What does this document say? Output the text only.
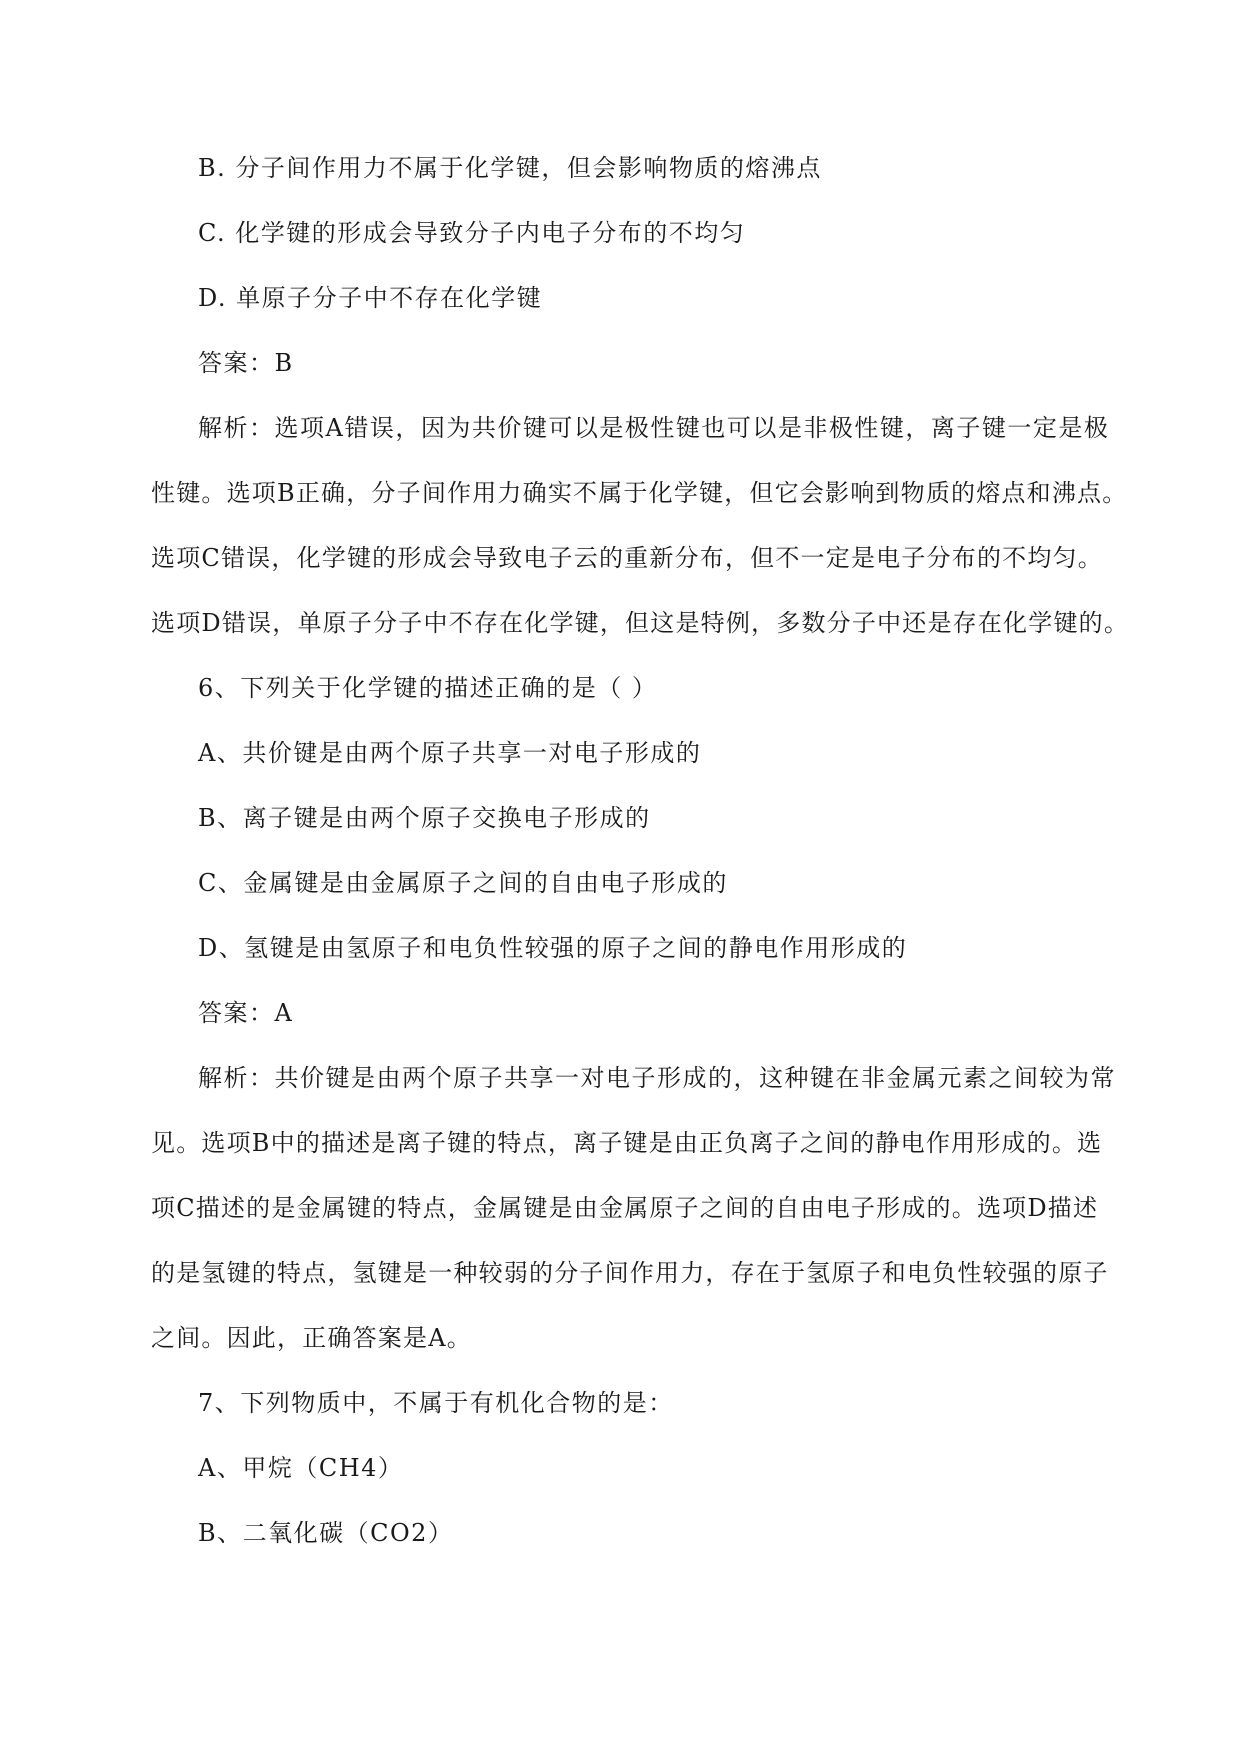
B. 分子间作用力不属于化学键，但会影响物质的熔沸点
C. 化学键的形成会导致分子内电子分布的不均匀
D. 单原子分子中不存在化学键
答案：B
解析：选项A错误，因为共价键可以是极性键也可以是非极性键，离子键一定是极
性键。选项B正确，分子间作用力确实不属于化学键，但它会影响到物质的熔点和沸点。
选项C错误，化学键的形成会导致电子云的重新分布，但不一定是电子分布的不均匀。
选项D错误，单原子分子中不存在化学键，但这是特例，多数分子中还是存在化学键的。
6、下列关于化学键的描述正确的是（ ）
A、共价键是由两个原子共享一对电子形成的
B、离子键是由两个原子交换电子形成的
C、金属键是由金属原子之间的自由电子形成的
D、氢键是由氢原子和电负性较强的原子之间的静电作用形成的
答案：A
解析：共价键是由两个原子共享一对电子形成的，这种键在非金属元素之间较为常
见。选项B中的描述是离子键的特点，离子键是由正负离子之间的静电作用形成的。选
项C描述的是金属键的特点，金属键是由金属原子之间的自由电子形成的。选项D描述
的是氢键的特点，氢键是一种较弱的分子间作用力，存在于氢原子和电负性较强的原子
之间。因此，正确答案是A。
7、下列物质中，不属于有机化合物的是：
A、甲烷（CH4）
B、二氧化碳（CO2）
